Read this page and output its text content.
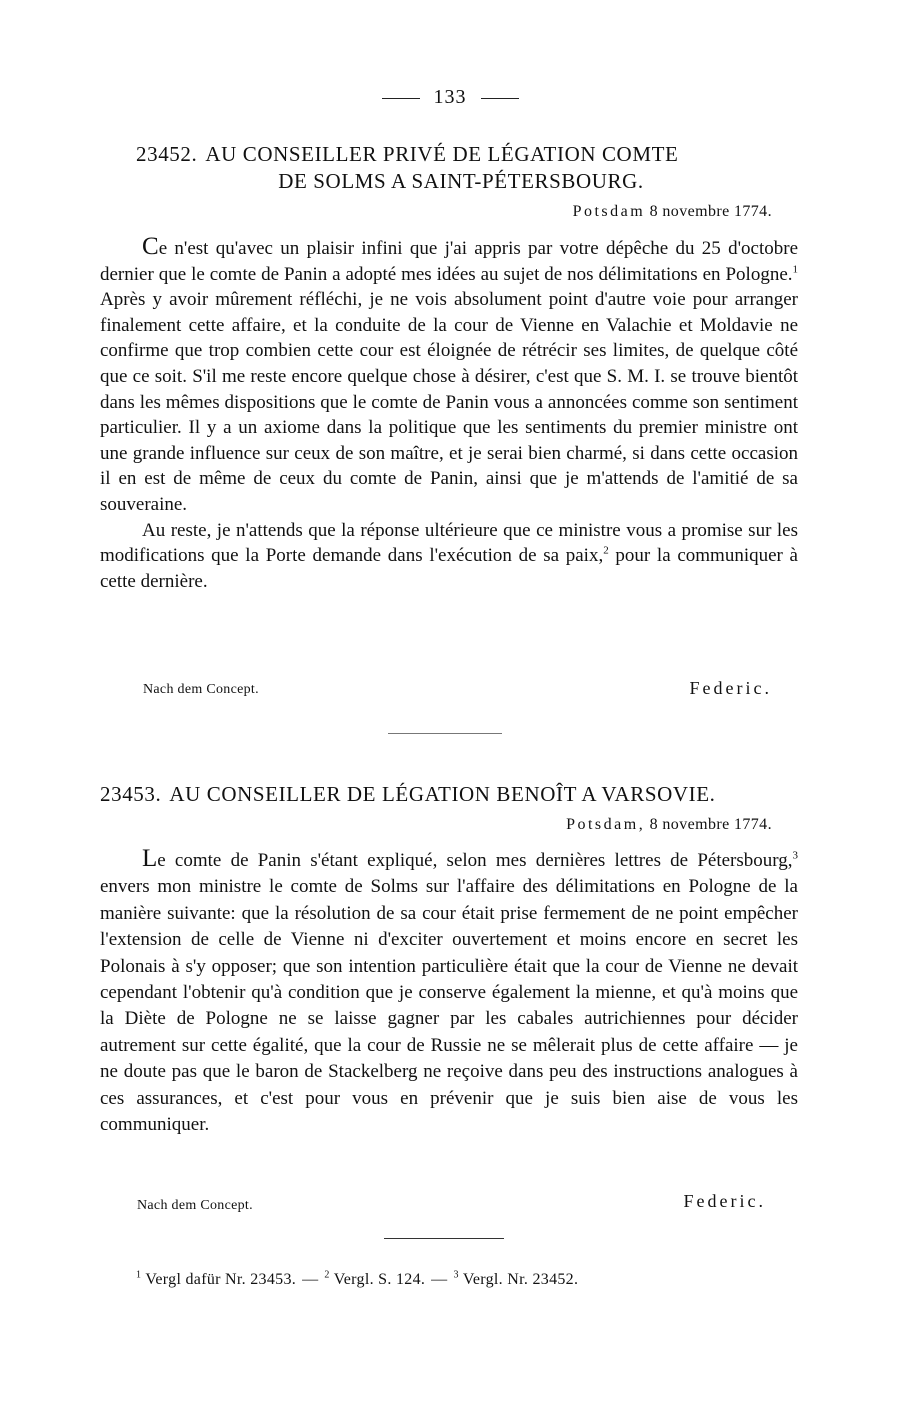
133
23452. AU CONSEILLER PRIVÉ DE LÉGATION COMTE
DE SOLMS A SAINT-PÉTERSBOURG.
Potsdam 8 novembre 1774.

Ce n'est qu'avec un plaisir infini que j'ai appris par votre dépêche du 25 d'octobre dernier que le comte de Panin a adopté mes idées au sujet de nos délimitations en Pologne.$^1$ Après y avoir mûrement réfléchi, je ne vois absolument point d'autre voie pour arranger finalement cette affaire, et la conduite de la cour de Vienne en Valachie et Moldavie ne confirme que trop combien cette cour est éloignée de rétrécir ses limites, de quelque côté que ce soit. S'il me reste encore quelque chose à désirer, c'est que S. M. I. se trouve bientôt dans les mêmes dispositions que le comte de Panin vous a annoncées comme son sentiment particulier. Il y a un axiome dans la politique que les sentiments du premier ministre ont une grande influence sur ceux de son maître, et je serai bien charmé, si dans cette occasion il en est de même de ceux du comte de Panin, ainsi que je m'attends de l'amitié de sa souveraine.

Au reste, je n'attends que la réponse ultérieure que ce ministre vous a promise sur les modifications que la Porte demande dans l'exécution de sa paix,$^2$ pour la communiquer à cette dernière.

Nach dem Concept.	Federic.
23453. AU CONSEILLER DE LÉGATION BENOÎT A VARSOVIE.
Potsdam, 8 novembre 1774.

Le comte de Panin s'étant expliqué, selon mes dernières lettres de Pétersbourg,$^3$ envers mon ministre le comte de Solms sur l'affaire des délimitations en Pologne de la manière suivante: que la résolution de sa cour était prise fermement de ne point empêcher l'extension de celle de Vienne ni d'exciter ouvertement et moins encore en secret les Polonais à s'y opposer; que son intention particulière était que la cour de Vienne ne devait cependant l'obtenir qu'à condition que je conserve également la mienne, et qu'à moins que la Diète de Pologne ne se laisse gagner par les cabales autrichiennes pour décider autrement sur cette égalité, que la cour de Russie ne se mêlerait plus de cette affaire — je ne doute pas que le baron de Stackelberg ne reçoive dans peu des instructions analogues à ces assurances, et c'est pour vous en prévenir que je suis bien aise de vous les communiquer.

Nach dem Concept.	Federic.
$^1$ Vergl dafür Nr. 23453. — $^2$ Vergl. S. 124. — $^3$ Vergl. Nr. 23452.
